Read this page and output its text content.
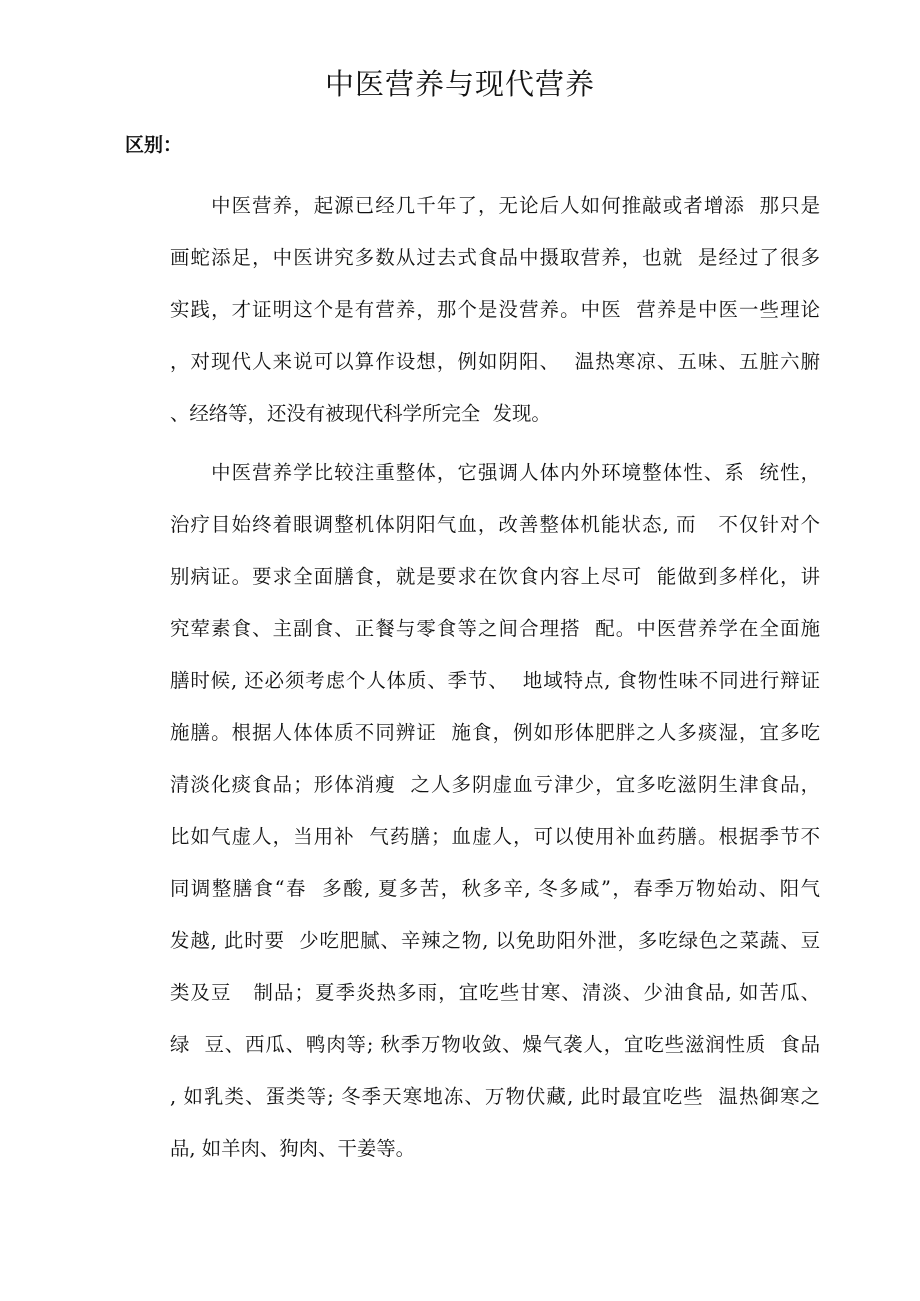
中医营养与现代营养
区别：
　　中医营养，起源已经几千年了，无论后人如何推敲或者增添  那只是
画蛇添足，中医讲究多数从过去式食品中摄取营养，也就  是经过了很多
实践，才证明这个是有营养，那个是没营养。中医  营养是中医一些理论
，对现代人来说可以算作设想，例如阴阳、  温热寒凉、五味、五脏六腑
、经络等，还没有被现代科学所完全  发现。
　　中医营养学比较注重整体，它强调人体内外环境整体性、系  统性，
治疗目始终着眼调整机体阴阳气血，改善整体机能状态, 而   不仅针对个
别病证。要求全面膳食，就是要求在饮食内容上尽可  能做到多样化，讲
究荤素食、主副食、正餐与零食等之间合理搭  配。中医营养学在全面施
膳时候, 还必须考虑个人体质、季节、  地域特点, 食物性味不同进行辩证
施膳。根据人体体质不同辨证  施食，例如形体肥胖之人多痰湿，宜多吃
清淡化痰食品；形体消瘦  之人多阴虚血亏津少，宜多吃滋阴生津食品，
比如气虚人，当用补  气药膳；血虚人，可以使用补血药膳。根据季节不
同调整膳食“春  多酸, 夏多苦，秋多辛, 冬多咸”，春季万物始动、阳气
发越, 此时要  少吃肥腻、辛辣之物, 以免助阳外泄，多吃绿色之菜蔬、豆
类及豆   制品；夏季炎热多雨，宜吃些甘寒、清淡、少油食品, 如苦瓜、
绿  豆、西瓜、鸭肉等; 秋季万物收敛、燥气袭人，宜吃些滋润性质  食品
, 如乳类、蛋类等; 冬季天寒地冻、万物伏藏, 此时最宜吃些  温热御寒之
品, 如羊肉、狗肉、干姜等。
